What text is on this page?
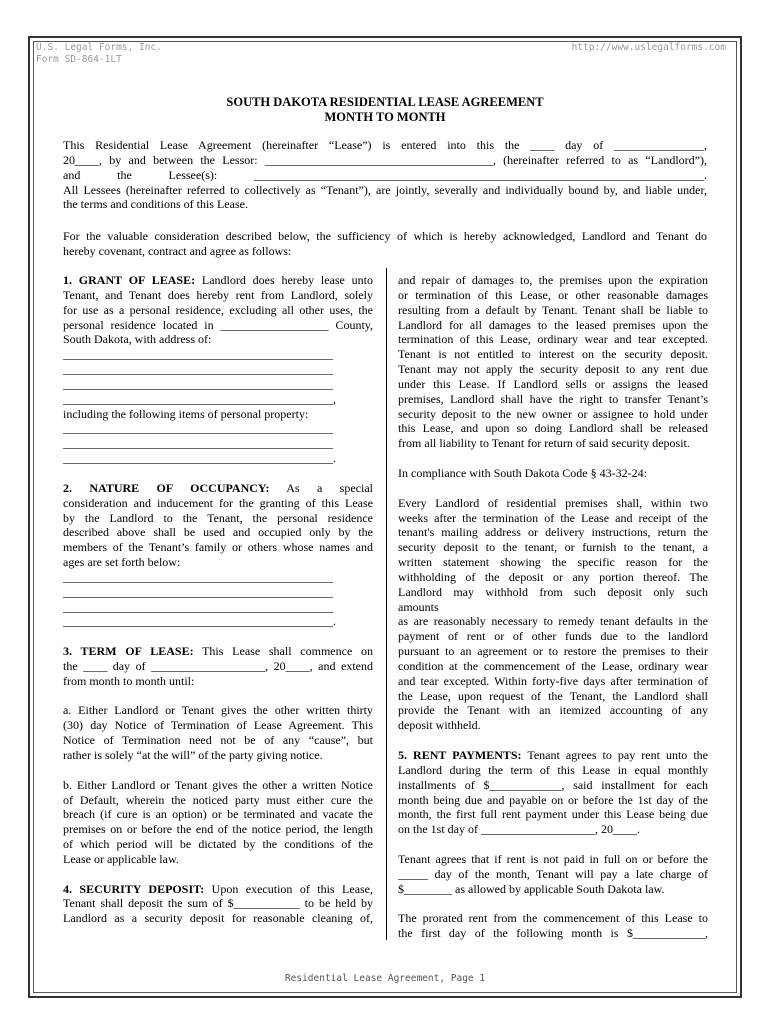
U.S. Legal Forms, Inc.
Form SD-864-1LT
http://www.uslegalforms.com
SOUTH DAKOTA RESIDENTIAL LEASE AGREEMENT
MONTH TO MONTH
This Residential Lease Agreement (hereinafter “Lease”) is entered into this the ____ day of _______________,
20____, by and between the Lessor: ______________________________________, (hereinafter referred to as “Landlord”),
and the Lessee(s): ___________________________________________________________________________.
All Lessees (hereinafter referred to collectively as “Tenant”), are jointly, severally and individually bound by, and liable under,
the terms and conditions of this Lease.
For the valuable consideration described below, the sufficiency of which is hereby acknowledged, Landlord and Tenant do
hereby covenant, contract and agree as follows:
1. GRANT OF LEASE: Landlord does hereby lease unto
Tenant, and Tenant does hereby rent from Landlord, solely
for use as a personal residence, excluding all other uses, the
personal residence located in __________________ County,
South Dakota, with address of:
_____________________________________________
_____________________________________________
_____________________________________________
_____________________________________________,
including the following items of personal property:
_____________________________________________
_____________________________________________
_____________________________________________.
2. NATURE OF OCCUPANCY: As a special
consideration and inducement for the granting of this Lease
by the Landlord to the Tenant, the personal residence
described above shall be used and occupied only by the
members of the Tenant’s family or others whose names and
ages are set forth below:
_____________________________________________
_____________________________________________
_____________________________________________
_____________________________________________.
3. TERM OF LEASE: This Lease shall commence on
the ____ day of ___________________, 20____, and extend
from month to month until:
a. Either Landlord or Tenant gives the other written thirty
(30) day Notice of Termination of Lease Agreement. This
Notice of Termination need not be of any “cause”, but
rather is solely “at the will” of the party giving notice.
b. Either Landlord or Tenant gives the other a written Notice
of Default, wherein the noticed party must either cure the
breach (if cure is an option) or be terminated and vacate the
premises on or before the end of the notice period, the length
of which period will be dictated by the conditions of the
Lease or applicable law.
4. SECURITY DEPOSIT: Upon execution of this Lease,
Tenant shall deposit the sum of $___________ to be held by
Landlord as a security deposit for reasonable cleaning of,
and repair of damages to, the premises upon the expiration
or termination of this Lease, or other reasonable damages
resulting from a default by Tenant. Tenant shall be liable to
Landlord for all damages to the leased premises upon the
termination of this Lease, ordinary wear and tear excepted.
Tenant is not entitled to interest on the security deposit.
Tenant may not apply the security deposit to any rent due
under this Lease. If Landlord sells or assigns the leased
premises, Landlord shall have the right to transfer Tenant’s
security deposit to the new owner or assignee to hold under
this Lease, and upon so doing Landlord shall be released
from all liability to Tenant for return of said security deposit.
In compliance with South Dakota Code § 43-32-24:
Every Landlord of residential premises shall, within two
weeks after the termination of the Lease and receipt of the
tenant's mailing address or delivery instructions, return the
security deposit to the tenant, or furnish to the tenant, a
written statement showing the specific reason for the
withholding of the deposit or any portion thereof. The
Landlord may withhold from such deposit only such
amounts
as are reasonably necessary to remedy tenant defaults in the
payment of rent or of other funds due to the landlord
pursuant to an agreement or to restore the premises to their
condition at the commencement of the Lease, ordinary wear
and tear excepted. Within forty-five days after termination of
the Lease, upon request of the Tenant, the Landlord shall
provide the Tenant with an itemized accounting of any
deposit withheld.
5. RENT PAYMENTS: Tenant agrees to pay rent unto the
Landlord during the term of this Lease in equal monthly
installments of $____________, said installment for each
month being due and payable on or before the 1st day of the
month, the first full rent payment under this Lease being due
on the 1st day of ___________________, 20____.
Tenant agrees that if rent is not paid in full on or before the
_____ day of the month, Tenant will pay a late charge of
$________ as allowed by applicable South Dakota law.
The prorated rent from the commencement of this Lease to
the first day of the following month is $____________,
Residential Lease Agreement, Page 1
